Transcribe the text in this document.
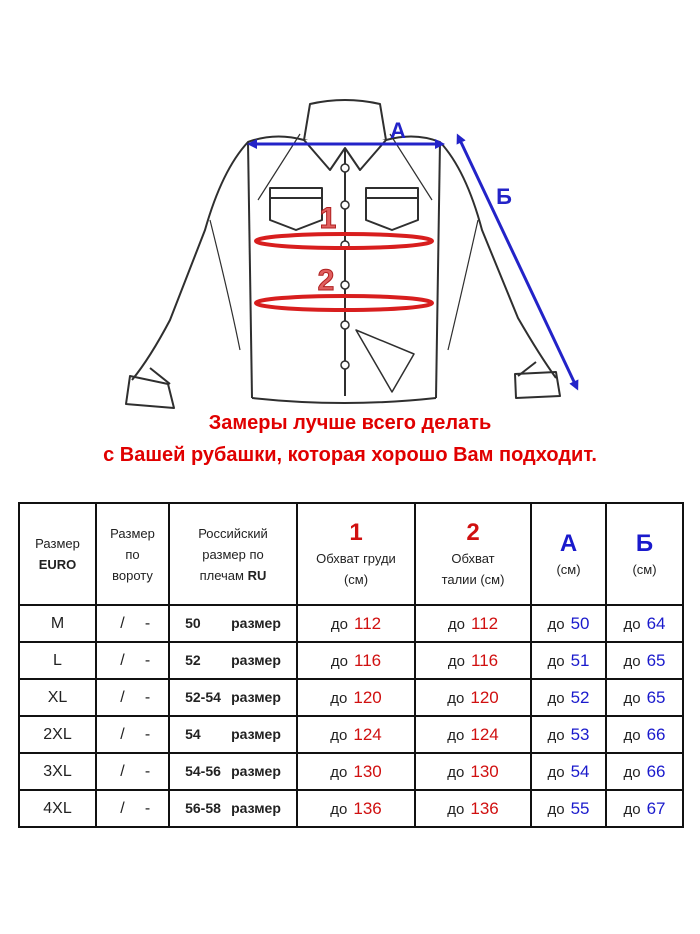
1
2
А
Б
Замеры лучше всего делать
с Вашей рубашки, которая хорошо Вам подходит.
Размер
EURO	Размер
по
вороту	Российский
размер по
плечам RU	1
Обхват груди
(см)	2
Обхват
талии (см)	А
(см)	Б
(см)
M	/ -	50 размер	до 112	до 112	до 50	до 64
L	/ -	52 размер	до 116	до 116	до 51	до 65
XL	/ -	52-54 размер	до 120	до 120	до 52	до 65
2XL	/ -	54 размер	до 124	до 124	до 53	до 66
3XL	/ -	54-56 размер	до 130	до 130	до 54	до 66
4XL	/ -	56-58 размер	до 136	до 136	до 55	до 67
